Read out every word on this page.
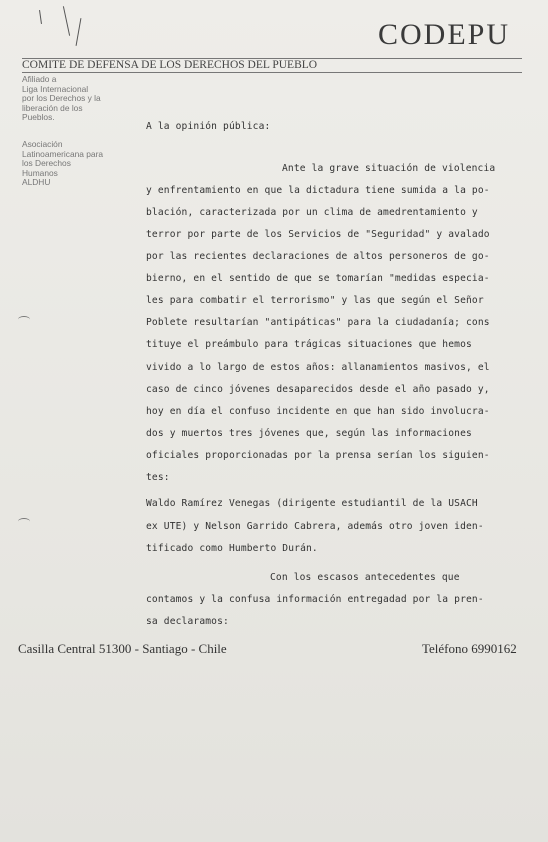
CODEPU
COMITE DE DEFENSA DE LOS DERECHOS DEL PUEBLO
Afiliado a
Liga Internacional
por los Derechos y la
liberación de los
Pueblos.
Asociación
Latinoamericana para
los Derechos
Humanos
ALDHU
A la opinión pública:
Ante la grave situación de violencia
y enfrentamiento en que la dictadura tiene sumida a la po-
blación, caracterizada por un clima de amedrentamiento y
terror por parte de los Servicios de "Seguridad" y avalado
por las recientes declaraciones de altos personeros de go-
bierno, en el sentido de que se tomarían "medidas especia-
les para combatir el terrorismo" y las que según el Señor
Poblete resultarían "antipáticas" para la ciudadanía; cons
tituye el preámbulo para trágicas situaciones que hemos
vivido a lo largo de estos años: allanamientos masivos, el
caso de cinco jóvenes desaparecidos desde el año pasado y,
hoy en día el confuso incidente en que han sido involucra-
dos y muertos tres jóvenes que, según las informaciones
oficiales proporcionadas por la prensa serían los siguien-
tes:
Waldo Ramírez Venegas (dirigente estudiantil de la USACH
ex UTE) y Nelson Garrido Cabrera, además otro joven iden-
tificado como Humberto Durán.
Con los escasos antecedentes que
contamos y la confusa información entregadad por la pren-
sa declaramos:
Casilla Central 51300 - Santiago - Chile	Teléfono 6990162
